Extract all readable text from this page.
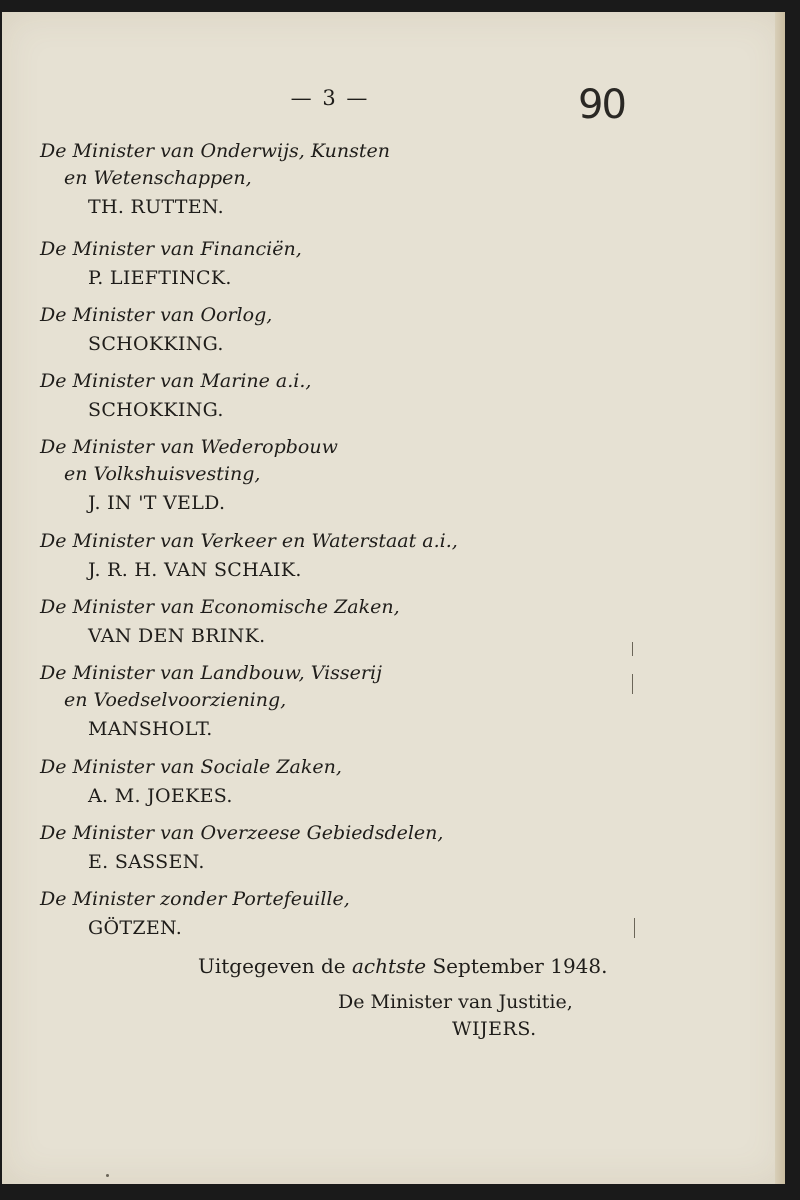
— 3 —	90
De Minister van Onderwijs, Kunsten
en Wetenschappen,
TH. RUTTEN.
De Minister van Financiën,
P. LIEFTINCK.
De Minister van Oorlog,
SCHOKKING.
De Minister van Marine a.i.,
SCHOKKING.
De Minister van Wederopbouw
en Volkshuisvesting,
J. IN 'T VELD.
De Minister van Verkeer en Waterstaat a.i.,
J. R. H. VAN SCHAIK.
De Minister van Economische Zaken,
VAN DEN BRINK.
De Minister van Landbouw, Visserij
en Voedselvoorziening,
MANSHOLT.
De Minister van Sociale Zaken,
A. M. JOEKES.
De Minister van Overzeese Gebiedsdelen,
E. SASSEN.
De Minister zonder Portefeuille,
GÖTZEN.
Uitgegeven de achtste September 1948.
De Minister van Justitie,
WIJERS.
